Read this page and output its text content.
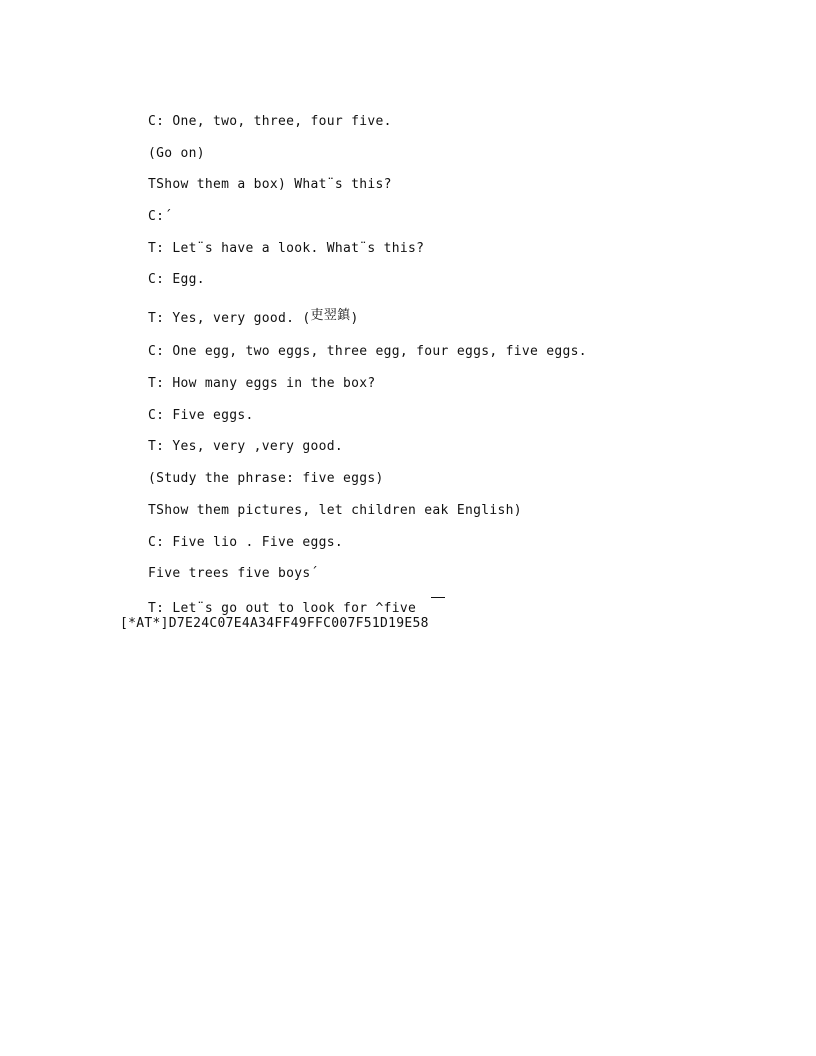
C: One, two, three, four five.
(Go on)
TShow them a box) What¨s this?
C:´
T: Let¨s have a look. What¨s this?
C: Egg.
T: Yes, very good. (吏翌鎮)
C: One egg, two eggs, three egg, four eggs, five eggs.
T: How many eggs in the box?
C: Five eggs.
T: Yes, very ,very good.
(Study the phrase: five eggs)
TShow them pictures, let children eak English)
C: Five lio . Five eggs.
Five trees five boys´
T: Let¨s go out to look for ^five
[*AT*]D7E24C07E4A34FF49FFC007F51D19E58
